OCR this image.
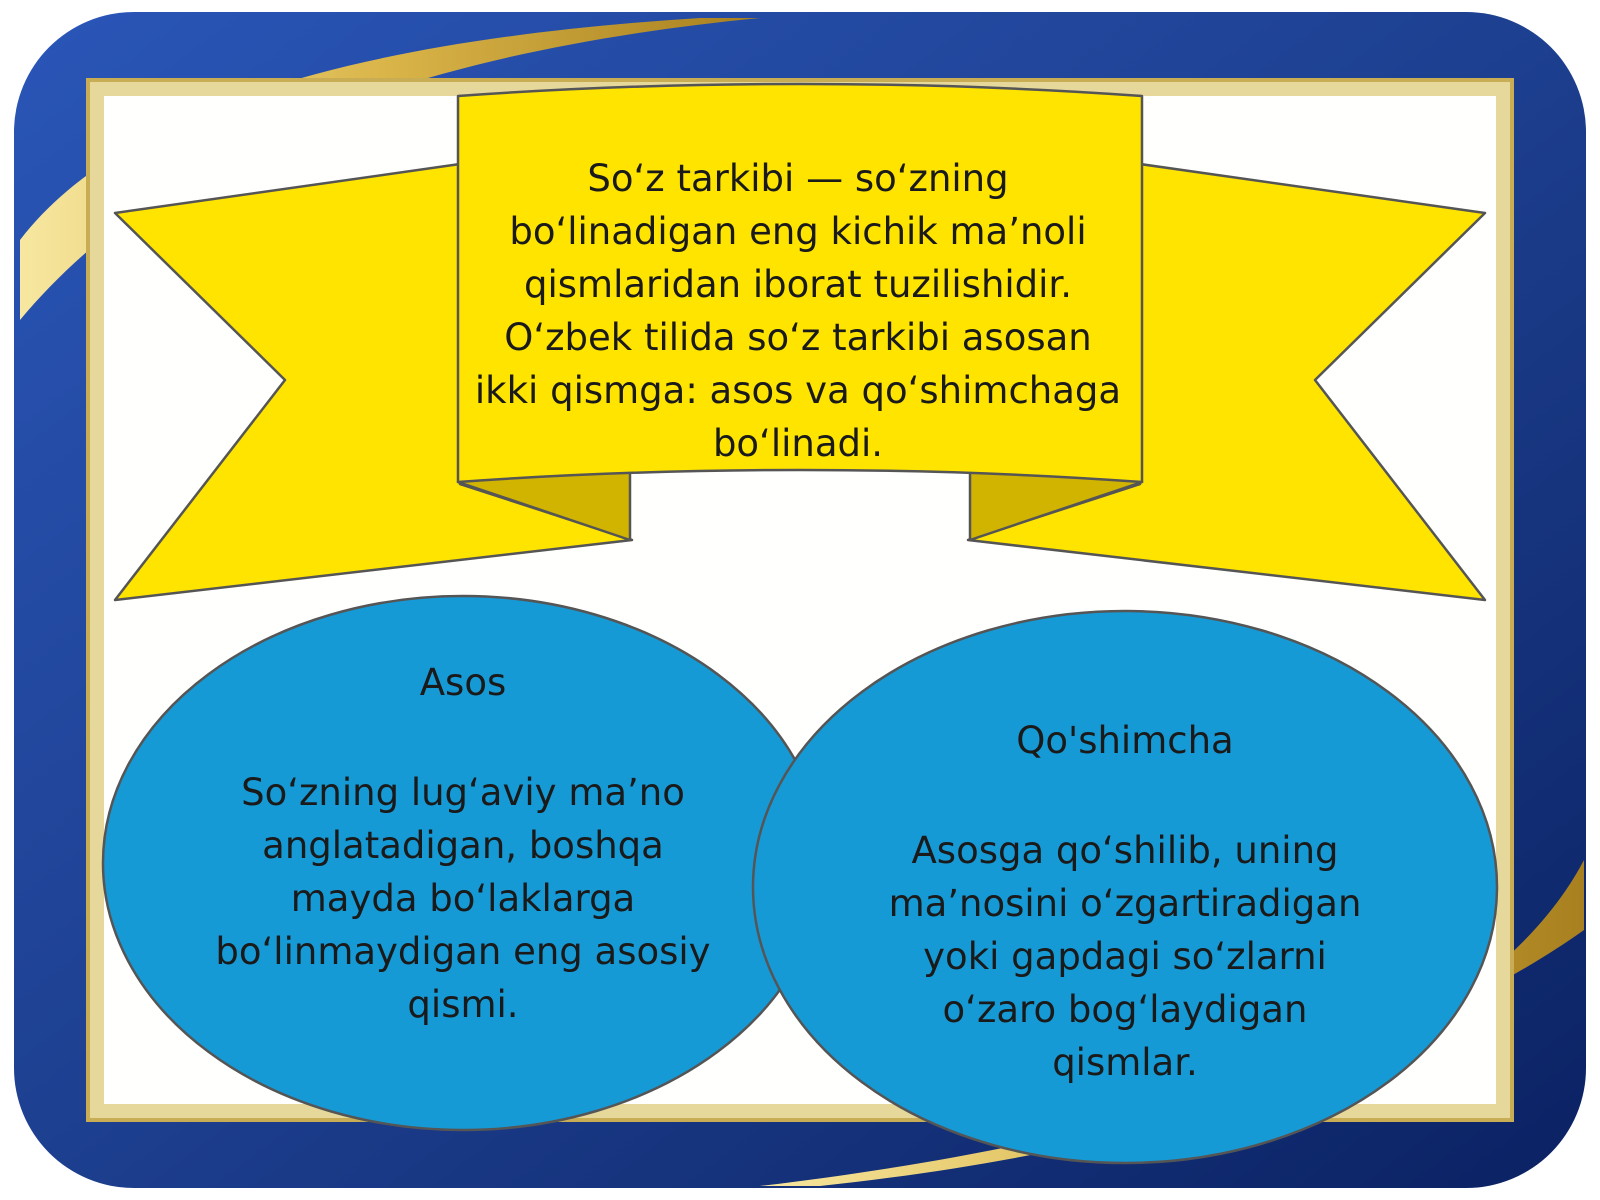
So‘z tarkibi — so‘zning bo‘linadigan eng kichik ma’noli qismlaridan iborat tuzilishidir. O‘zbek tilida so‘z tarkibi asosan ikki qismga: asos va qo‘shimchaga bo‘linadi.

Asos

So‘zning lug‘aviy ma’no anglatadigan, boshqa mayda bo‘laklarga bo‘linmaydigan eng asosiy qismi.

Qo'shimcha

Asosga qo‘shilib, uning ma’nosini o‘zgartiradigan yoki gapdagi so‘zlarni o‘zaro bog‘laydigan qismlar.
